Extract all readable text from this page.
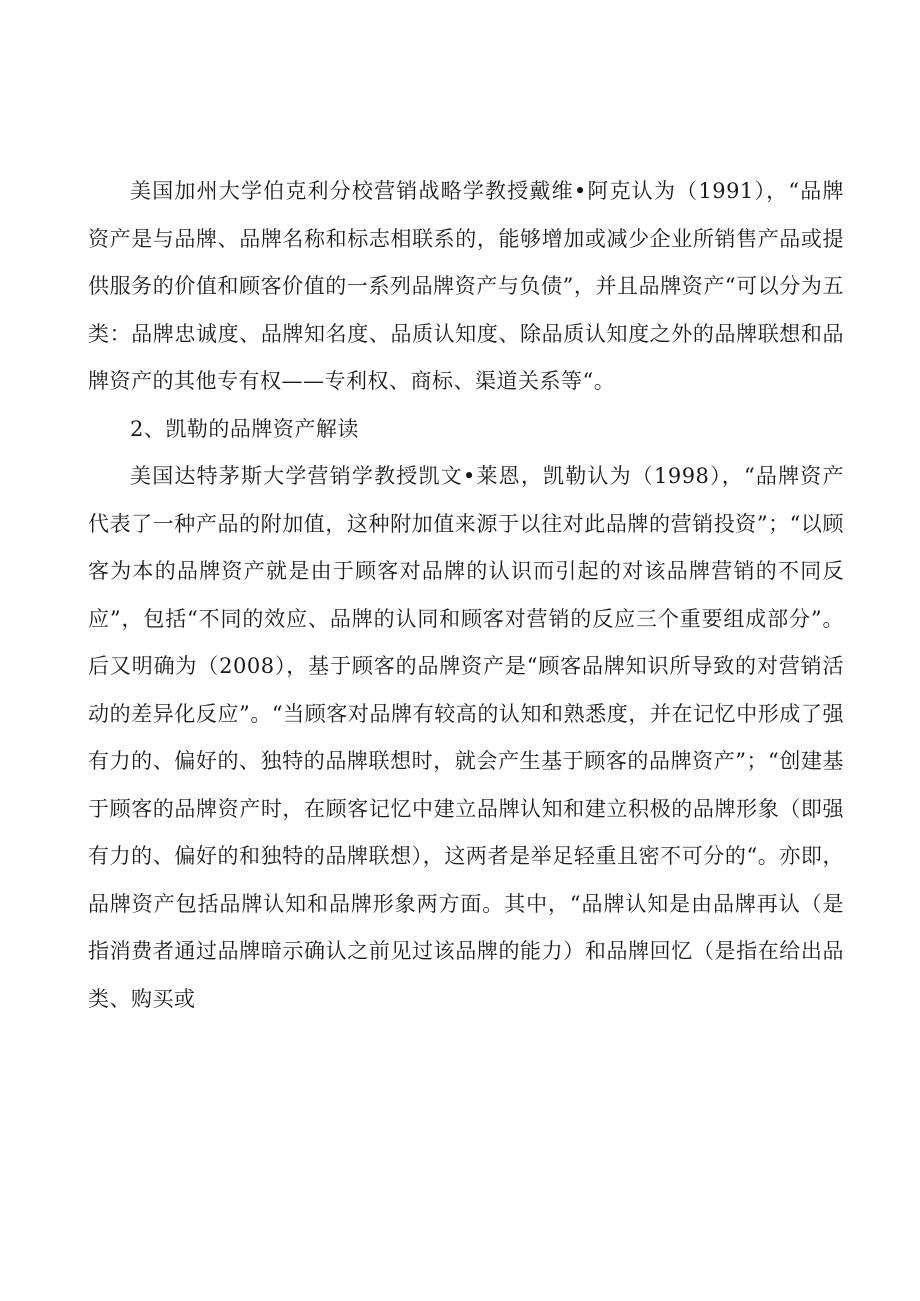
美国加州大学伯克利分校营销战略学教授戴维•阿克认为（1991），“品牌资产是与品牌、品牌名称和标志相联系的，能够增加或减少企业所销售产品或提供服务的价值和顾客价值的一系列品牌资产与负债”，并且品牌资产“可以分为五类：品牌忠诚度、品牌知名度、品质认知度、除品质认知度之外的品牌联想和品牌资产的其他专有权——专利权、商标、渠道关系等“。

2、凯勒的品牌资产解读

美国达特茅斯大学营销学教授凯文•莱恩，凯勒认为（1998），“品牌资产代表了一种产品的附加值，这种附加值来源于以往对此品牌的营销投资”；“以顾客为本的品牌资产就是由于顾客对品牌的认识而引起的对该品牌营销的不同反应”，包括“不同的效应、品牌的认同和顾客对营销的反应三个重要组成部分”。后又明确为（2008），基于顾客的品牌资产是“顾客品牌知识所导致的对营销活动的差异化反应”。“当顾客对品牌有较高的认知和熟悉度，并在记忆中形成了强有力的、偏好的、独特的品牌联想时，就会产生基于顾客的品牌资产”；“创建基于顾客的品牌资产时，在顾客记忆中建立品牌认知和建立积极的品牌形象（即强有力的、偏好的和独特的品牌联想），这两者是举足轻重且密不可分的“。亦即，品牌资产包括品牌认知和品牌形象两方面。其中，“品牌认知是由品牌再认（是指消费者通过品牌暗示确认之前见过该品牌的能力）和品牌回忆（是指在给出品类、购买或
